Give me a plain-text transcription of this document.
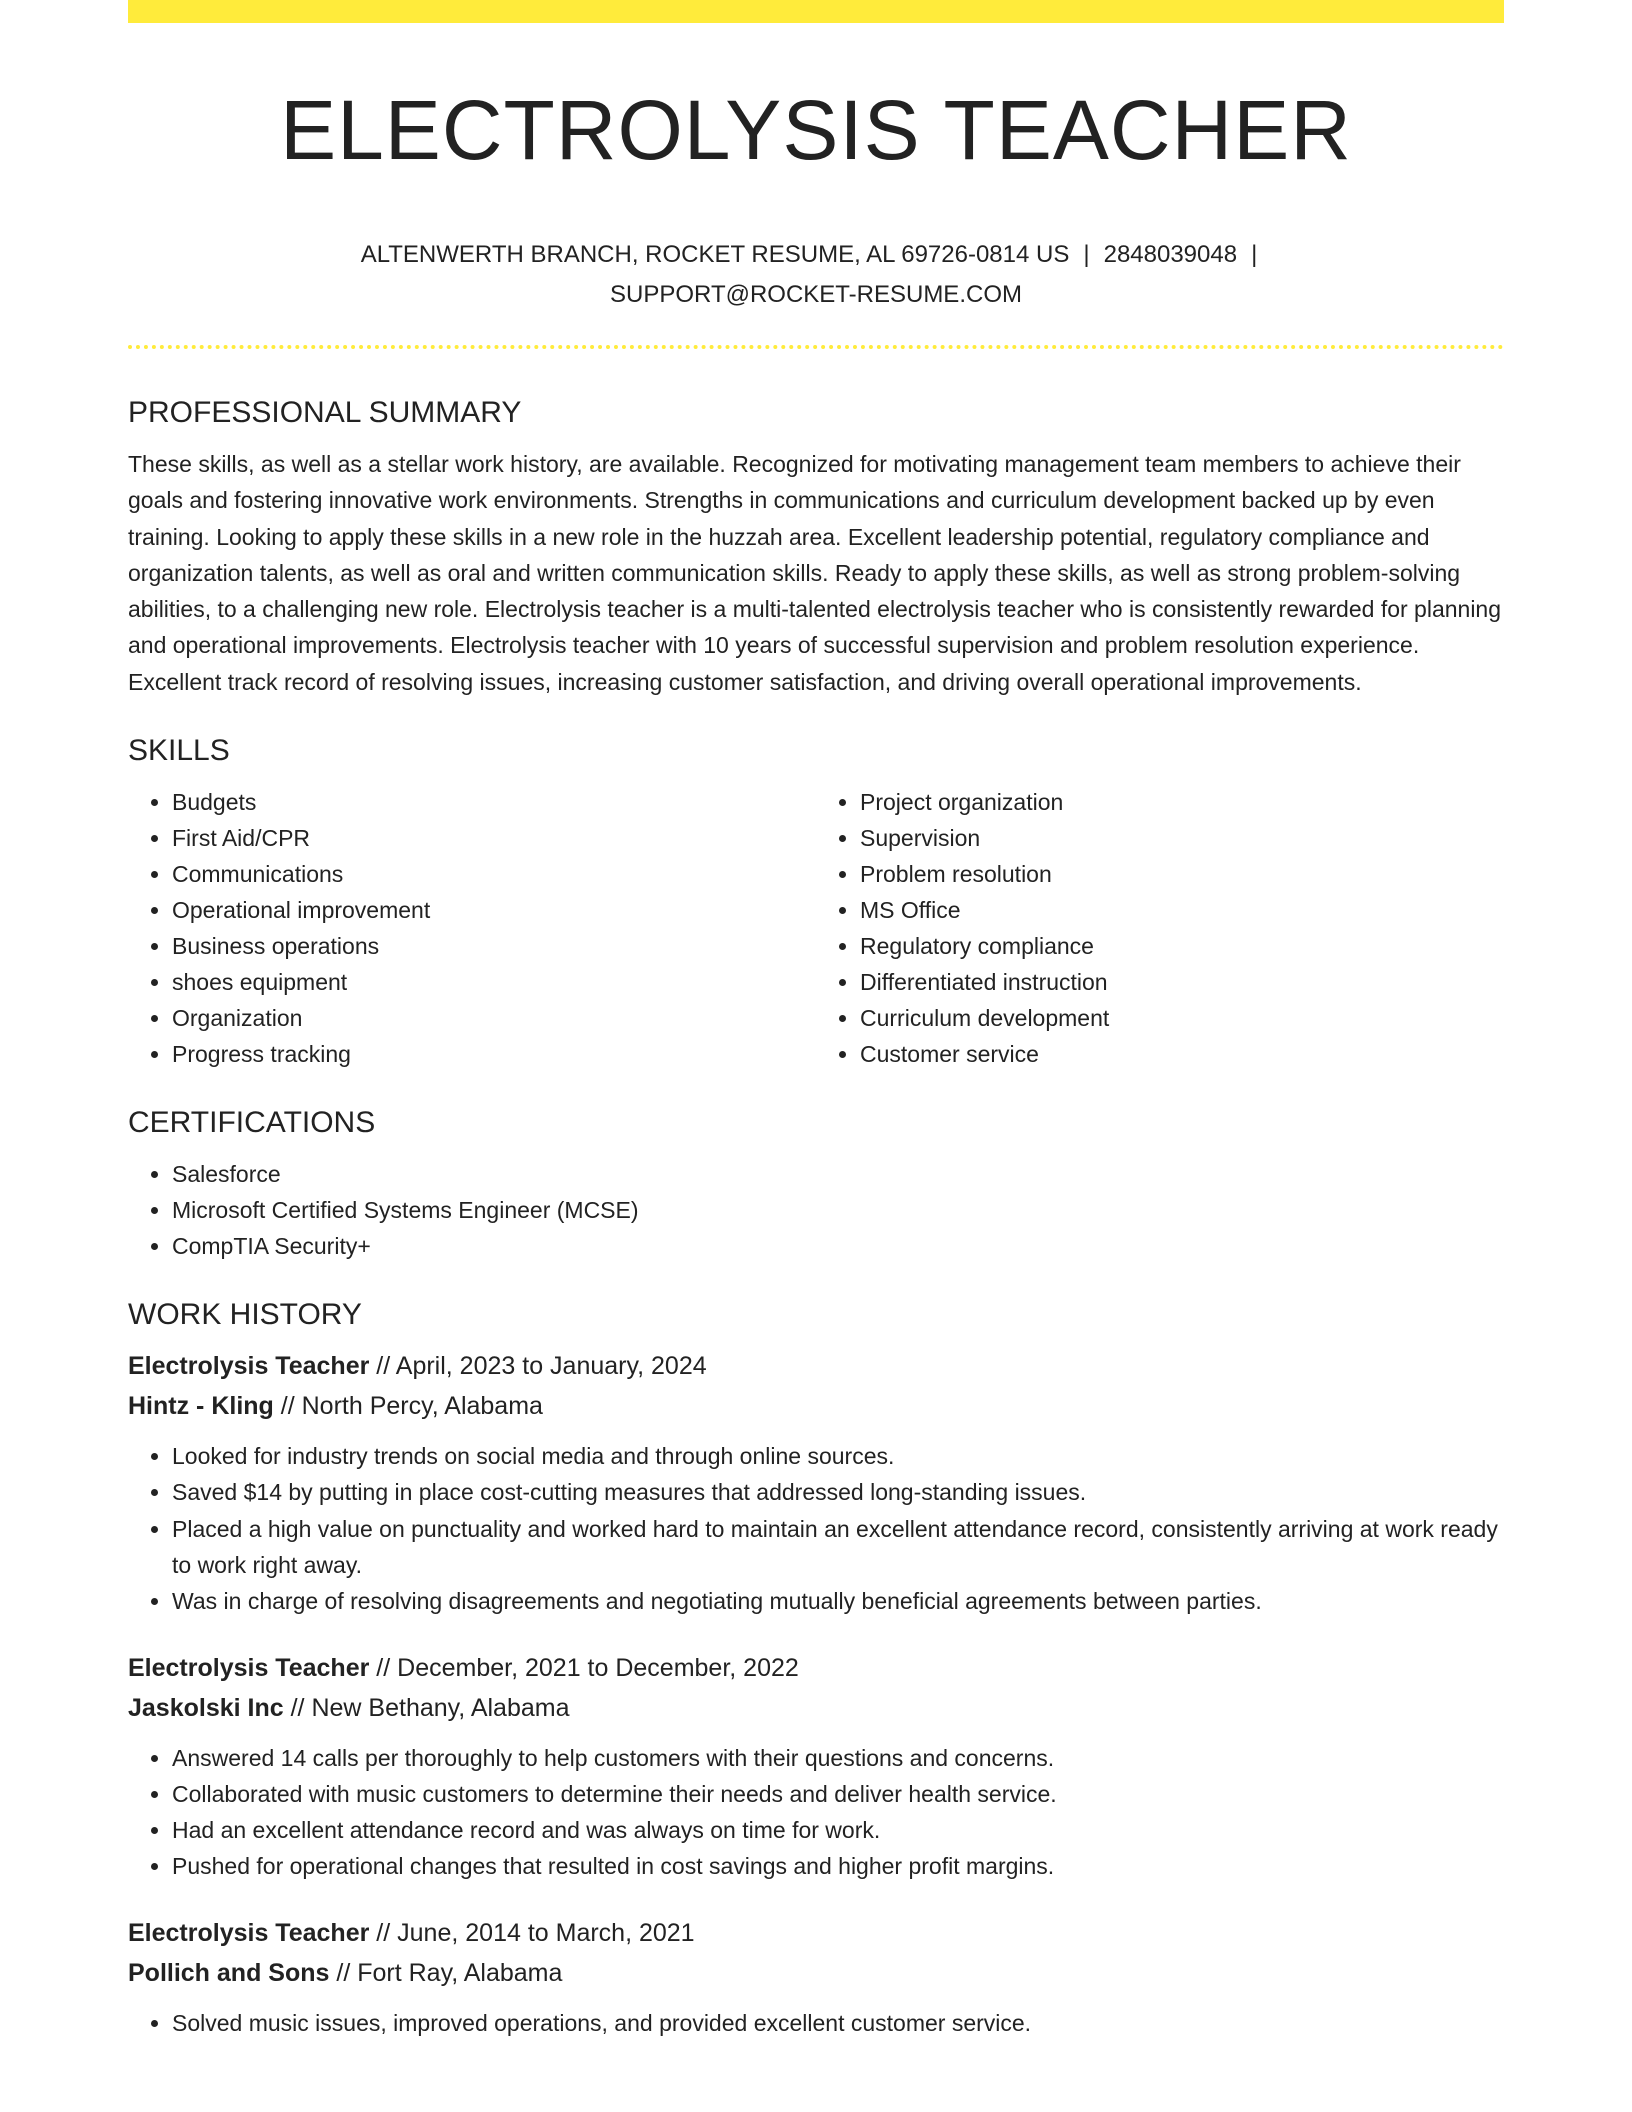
ELECTROLYSIS TEACHER
ALTENWERTH BRANCH, ROCKET RESUME, AL 69726-0814 US | 2848039048 |
SUPPORT@ROCKET-RESUME.COM
PROFESSIONAL SUMMARY

These skills, as well as a stellar work history, are available. Recognized for motivating management team members to achieve their goals and fostering innovative work environments. Strengths in communications and curriculum development backed up by even training. Looking to apply these skills in a new role in the huzzah area. Excellent leadership potential, regulatory compliance and organization talents, as well as oral and written communication skills. Ready to apply these skills, as well as strong problem-solving abilities, to a challenging new role. Electrolysis teacher is a multi-talented electrolysis teacher who is consistently rewarded for planning and operational improvements. Electrolysis teacher with 10 years of successful supervision and problem resolution experience. Excellent track record of resolving issues, increasing customer satisfaction, and driving overall operational improvements.

SKILLS
• Budgets
• First Aid/CPR
• Communications
• Operational improvement
• Business operations
• shoes equipment
• Organization
• Progress tracking
• Project organization
• Supervision
• Problem resolution
• MS Office
• Regulatory compliance
• Differentiated instruction
• Curriculum development
• Customer service
CERTIFICATIONS
• Salesforce
• Microsoft Certified Systems Engineer (MCSE)
• CompTIA Security+
WORK HISTORY
Electrolysis Teacher // April, 2023 to January, 2024
Hintz - Kling // North Percy, Alabama
• Looked for industry trends on social media and through online sources.
• Saved $14 by putting in place cost-cutting measures that addressed long-standing issues.
• Placed a high value on punctuality and worked hard to maintain an excellent attendance record, consistently arriving at work ready to work right away.
• Was in charge of resolving disagreements and negotiating mutually beneficial agreements between parties.
Electrolysis Teacher // December, 2021 to December, 2022
Jaskolski Inc // New Bethany, Alabama
• Answered 14 calls per thoroughly to help customers with their questions and concerns.
• Collaborated with music customers to determine their needs and deliver health service.
• Had an excellent attendance record and was always on time for work.
• Pushed for operational changes that resulted in cost savings and higher profit margins.
Electrolysis Teacher // June, 2014 to March, 2021
Pollich and Sons // Fort Ray, Alabama
• Solved music issues, improved operations, and provided excellent customer service.
